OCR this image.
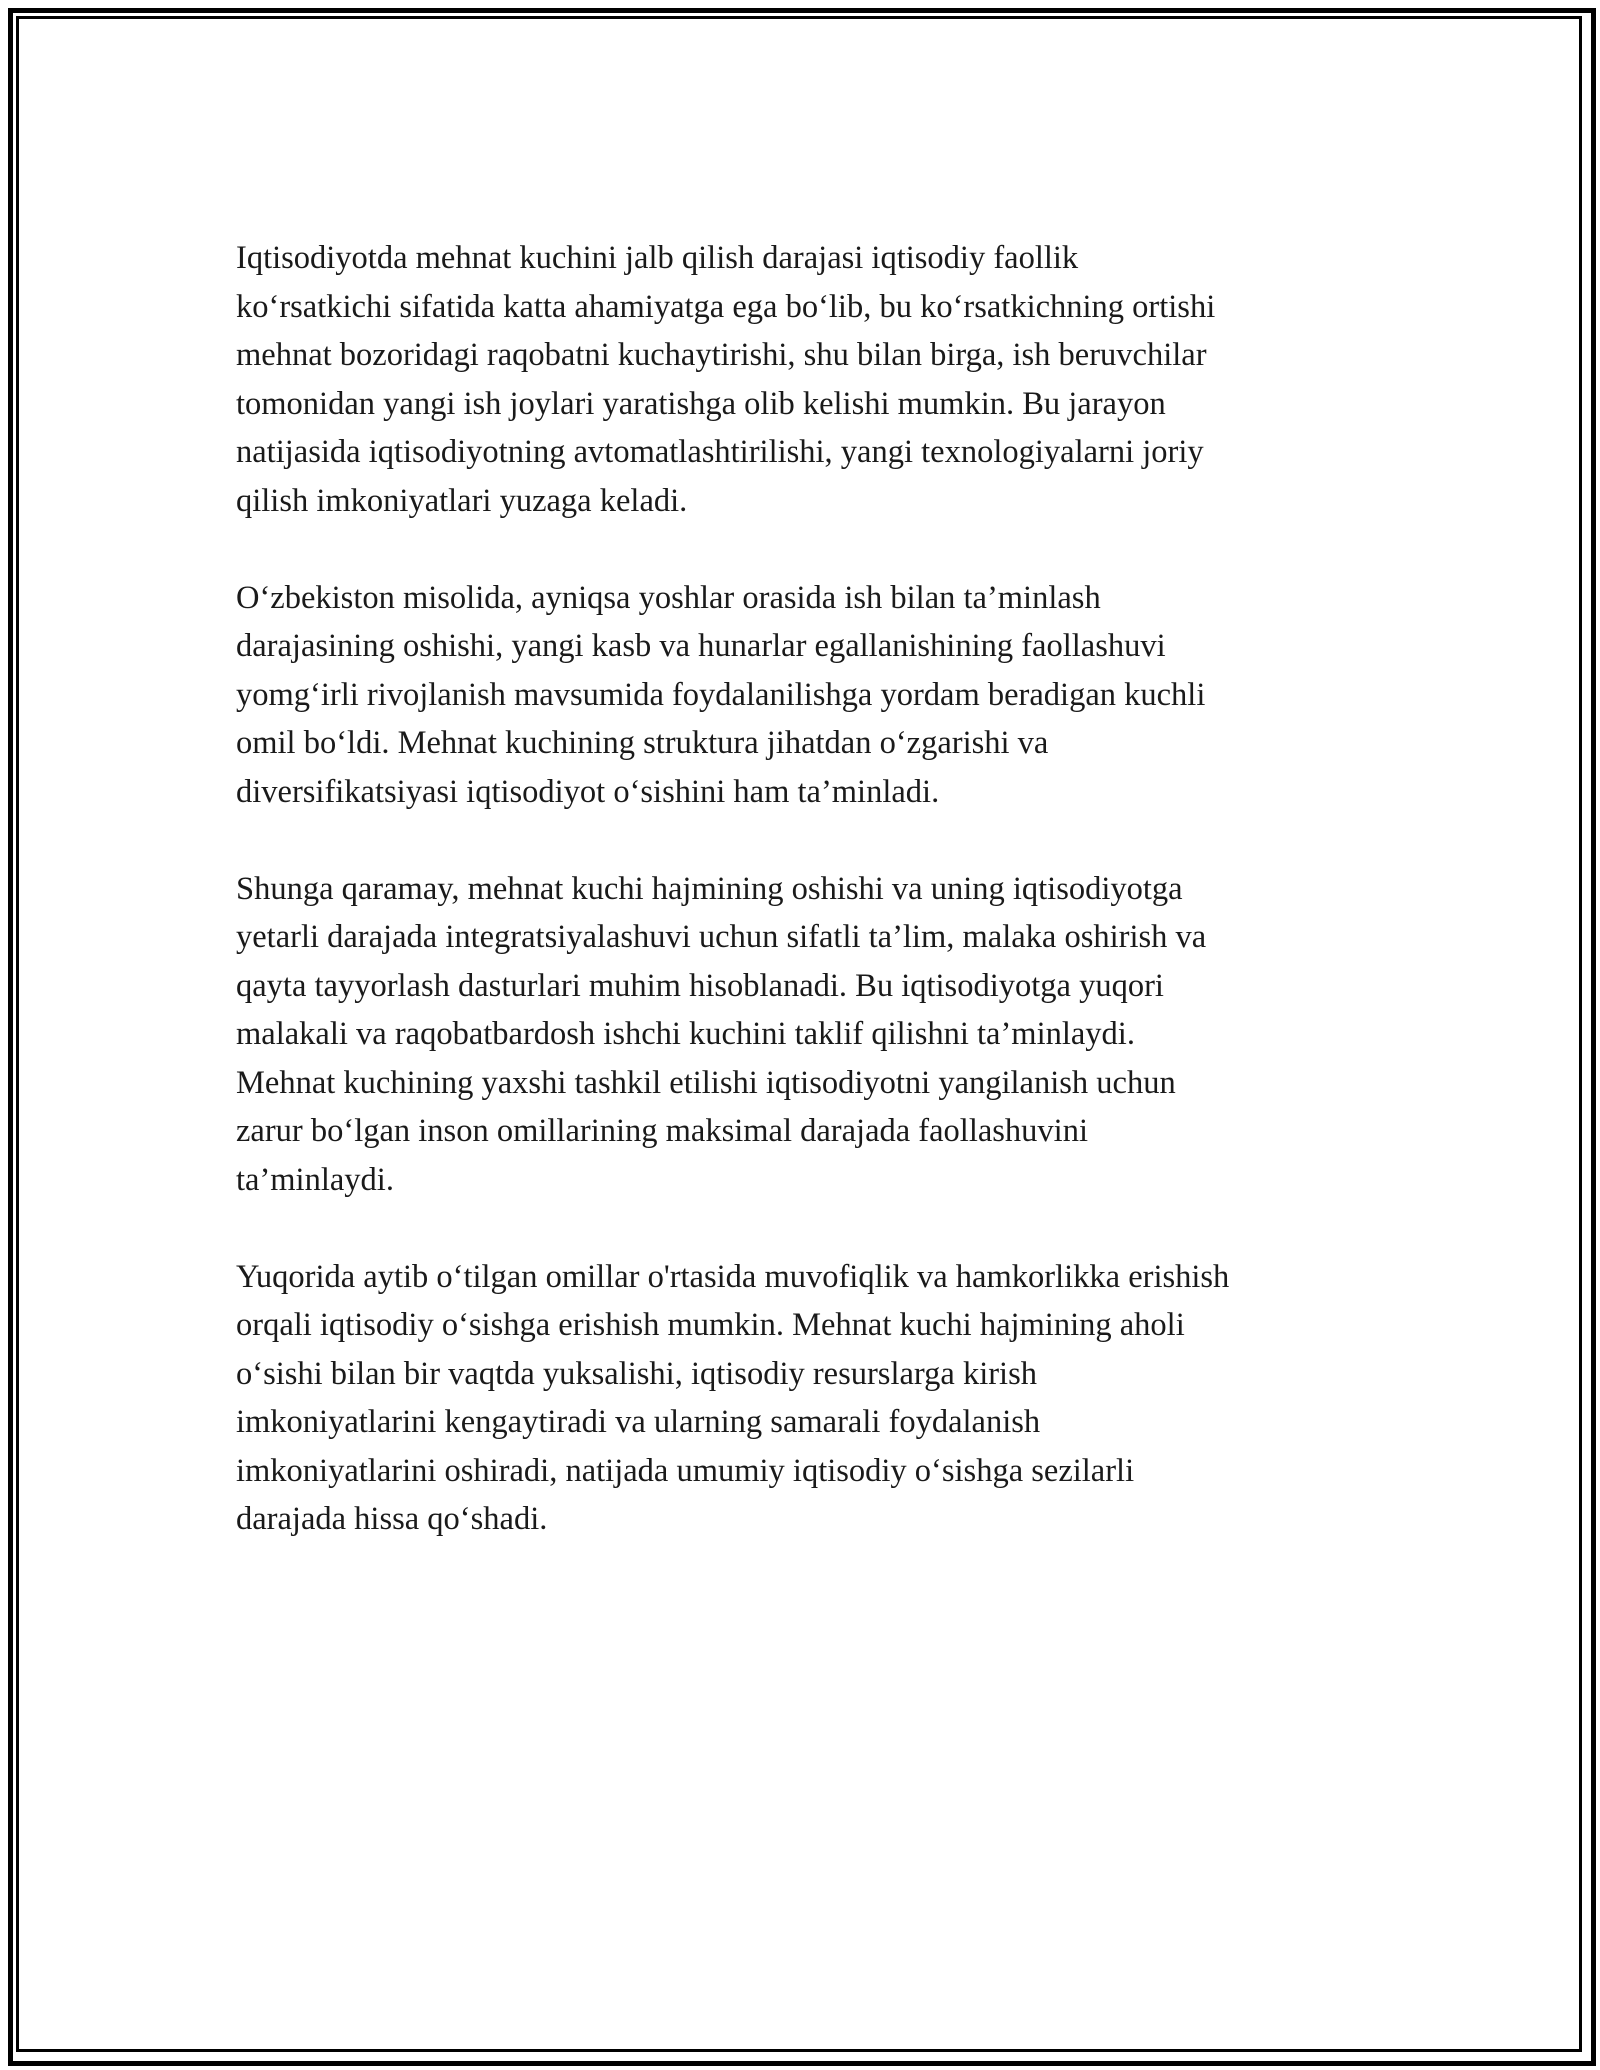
Iqtisodiyotda mehnat kuchini jalb qilish darajasi iqtisodiy faollik
ko‘rsatkichi sifatida katta ahamiyatga ega bo‘lib, bu ko‘rsatkichning ortishi
mehnat bozoridagi raqobatni kuchaytirishi, shu bilan birga, ish beruvchilar
tomonidan yangi ish joylari yaratishga olib kelishi mumkin. Bu jarayon
natijasida iqtisodiyotning avtomatlashtirilishi, yangi texnologiyalarni joriy
qilish imkoniyatlari yuzaga keladi.

O‘zbekiston misolida, ayniqsa yoshlar orasida ish bilan ta’minlash
darajasining oshishi, yangi kasb va hunarlar egallanishining faollashuvi
yomg‘irli rivojlanish mavsumida foydalanilishga yordam beradigan kuchli
omil bo‘ldi. Mehnat kuchining struktura jihatdan o‘zgarishi va
diversifikatsiyasi iqtisodiyot o‘sishini ham ta’minladi.

Shunga qaramay, mehnat kuchi hajmining oshishi va uning iqtisodiyotga
yetarli darajada integratsiyalashuvi uchun sifatli ta’lim, malaka oshirish va
qayta tayyorlash dasturlari muhim hisoblanadi. Bu iqtisodiyotga yuqori
malakali va raqobatbardosh ishchi kuchini taklif qilishni ta’minlaydi.
Mehnat kuchining yaxshi tashkil etilishi iqtisodiyotni yangilanish uchun
zarur bo‘lgan inson omillarining maksimal darajada faollashuvini
ta’minlaydi.

Yuqorida aytib o‘tilgan omillar o'rtasida muvofiqlik va hamkorlikka erishish
orqali iqtisodiy o‘sishga erishish mumkin. Mehnat kuchi hajmining aholi
o‘sishi bilan bir vaqtda yuksalishi, iqtisodiy resurslarga kirish
imkoniyatlarini kengaytiradi va ularning samarali foydalanish
imkoniyatlarini oshiradi, natijada umumiy iqtisodiy o‘sishga sezilarli
darajada hissa qo‘shadi.
